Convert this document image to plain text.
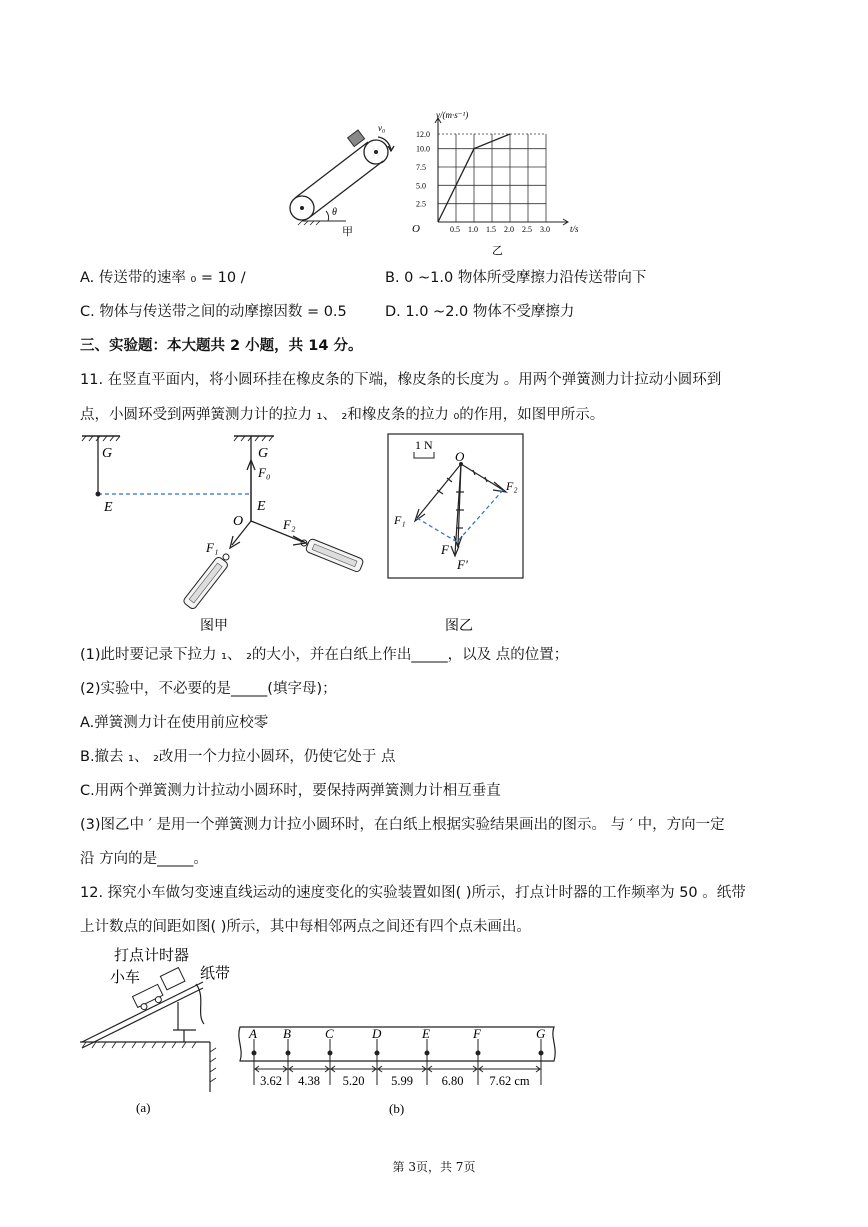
θ
v₀
甲	0.5 1.0 1.5 2.0 2.5 3.0
12.0
10.0
7.5
5.0
2.5
O
v/(m·s⁻¹)
t/s
乙
A. 传送带的速率 ₀ = 10 /	B. 0 ~1.0 物体所受摩擦力沿传送带向下
C. 物体与传送带之间的动摩擦因数 = 0.5	D. 1.0 ~2.0 物体不受摩擦力
三、实验题：本大题共 2 小题，共 14 分。
11. 在竖直平面内，将小圆环挂在橡皮条的下端，橡皮条的长度为 。用两个弹簧测力计拉动小圆环到
点，小圆环受到两弹簧测力计的拉力 ₁、 ₂和橡皮条的拉力 ₀的作用，如图甲所示。
G
E
G
F₀
E
O	F₂
F₁
图甲
1 N
O
F₂
F₁
F
F′
图乙
(1)此时要记录下拉力 ₁、 ₂的大小，并在白纸上作出_____，以及 点的位置；
(2)实验中，不必要的是_____(填字母)；
A.弹簧测力计在使用前应校零
B.撤去 ₁、 ₂改用一个力拉小圆环，仍使它处于 点
C.用两个弹簧测力计拉动小圆环时，要保持两弹簧测力计相互垂直
(3)图乙中 ′ 是用一个弹簧测力计拉小圆环时，在白纸上根据实验结果画出的图示。 与 ′ 中，方向一定
沿 方向的是_____。
12. 探究小车做匀变速直线运动的速度变化的实验装置如图( )所示，打点计时器的工作频率为 50 。纸带
上计数点的间距如图( )所示，其中每相邻两点之间还有四个点未画出。
打点计时器
小车	纸带
(a)
A B	C	D	E	F	G
3.62 4.38 5.20 5.99 6.80 7.62 cm
(b)
第 3页，共 7页
